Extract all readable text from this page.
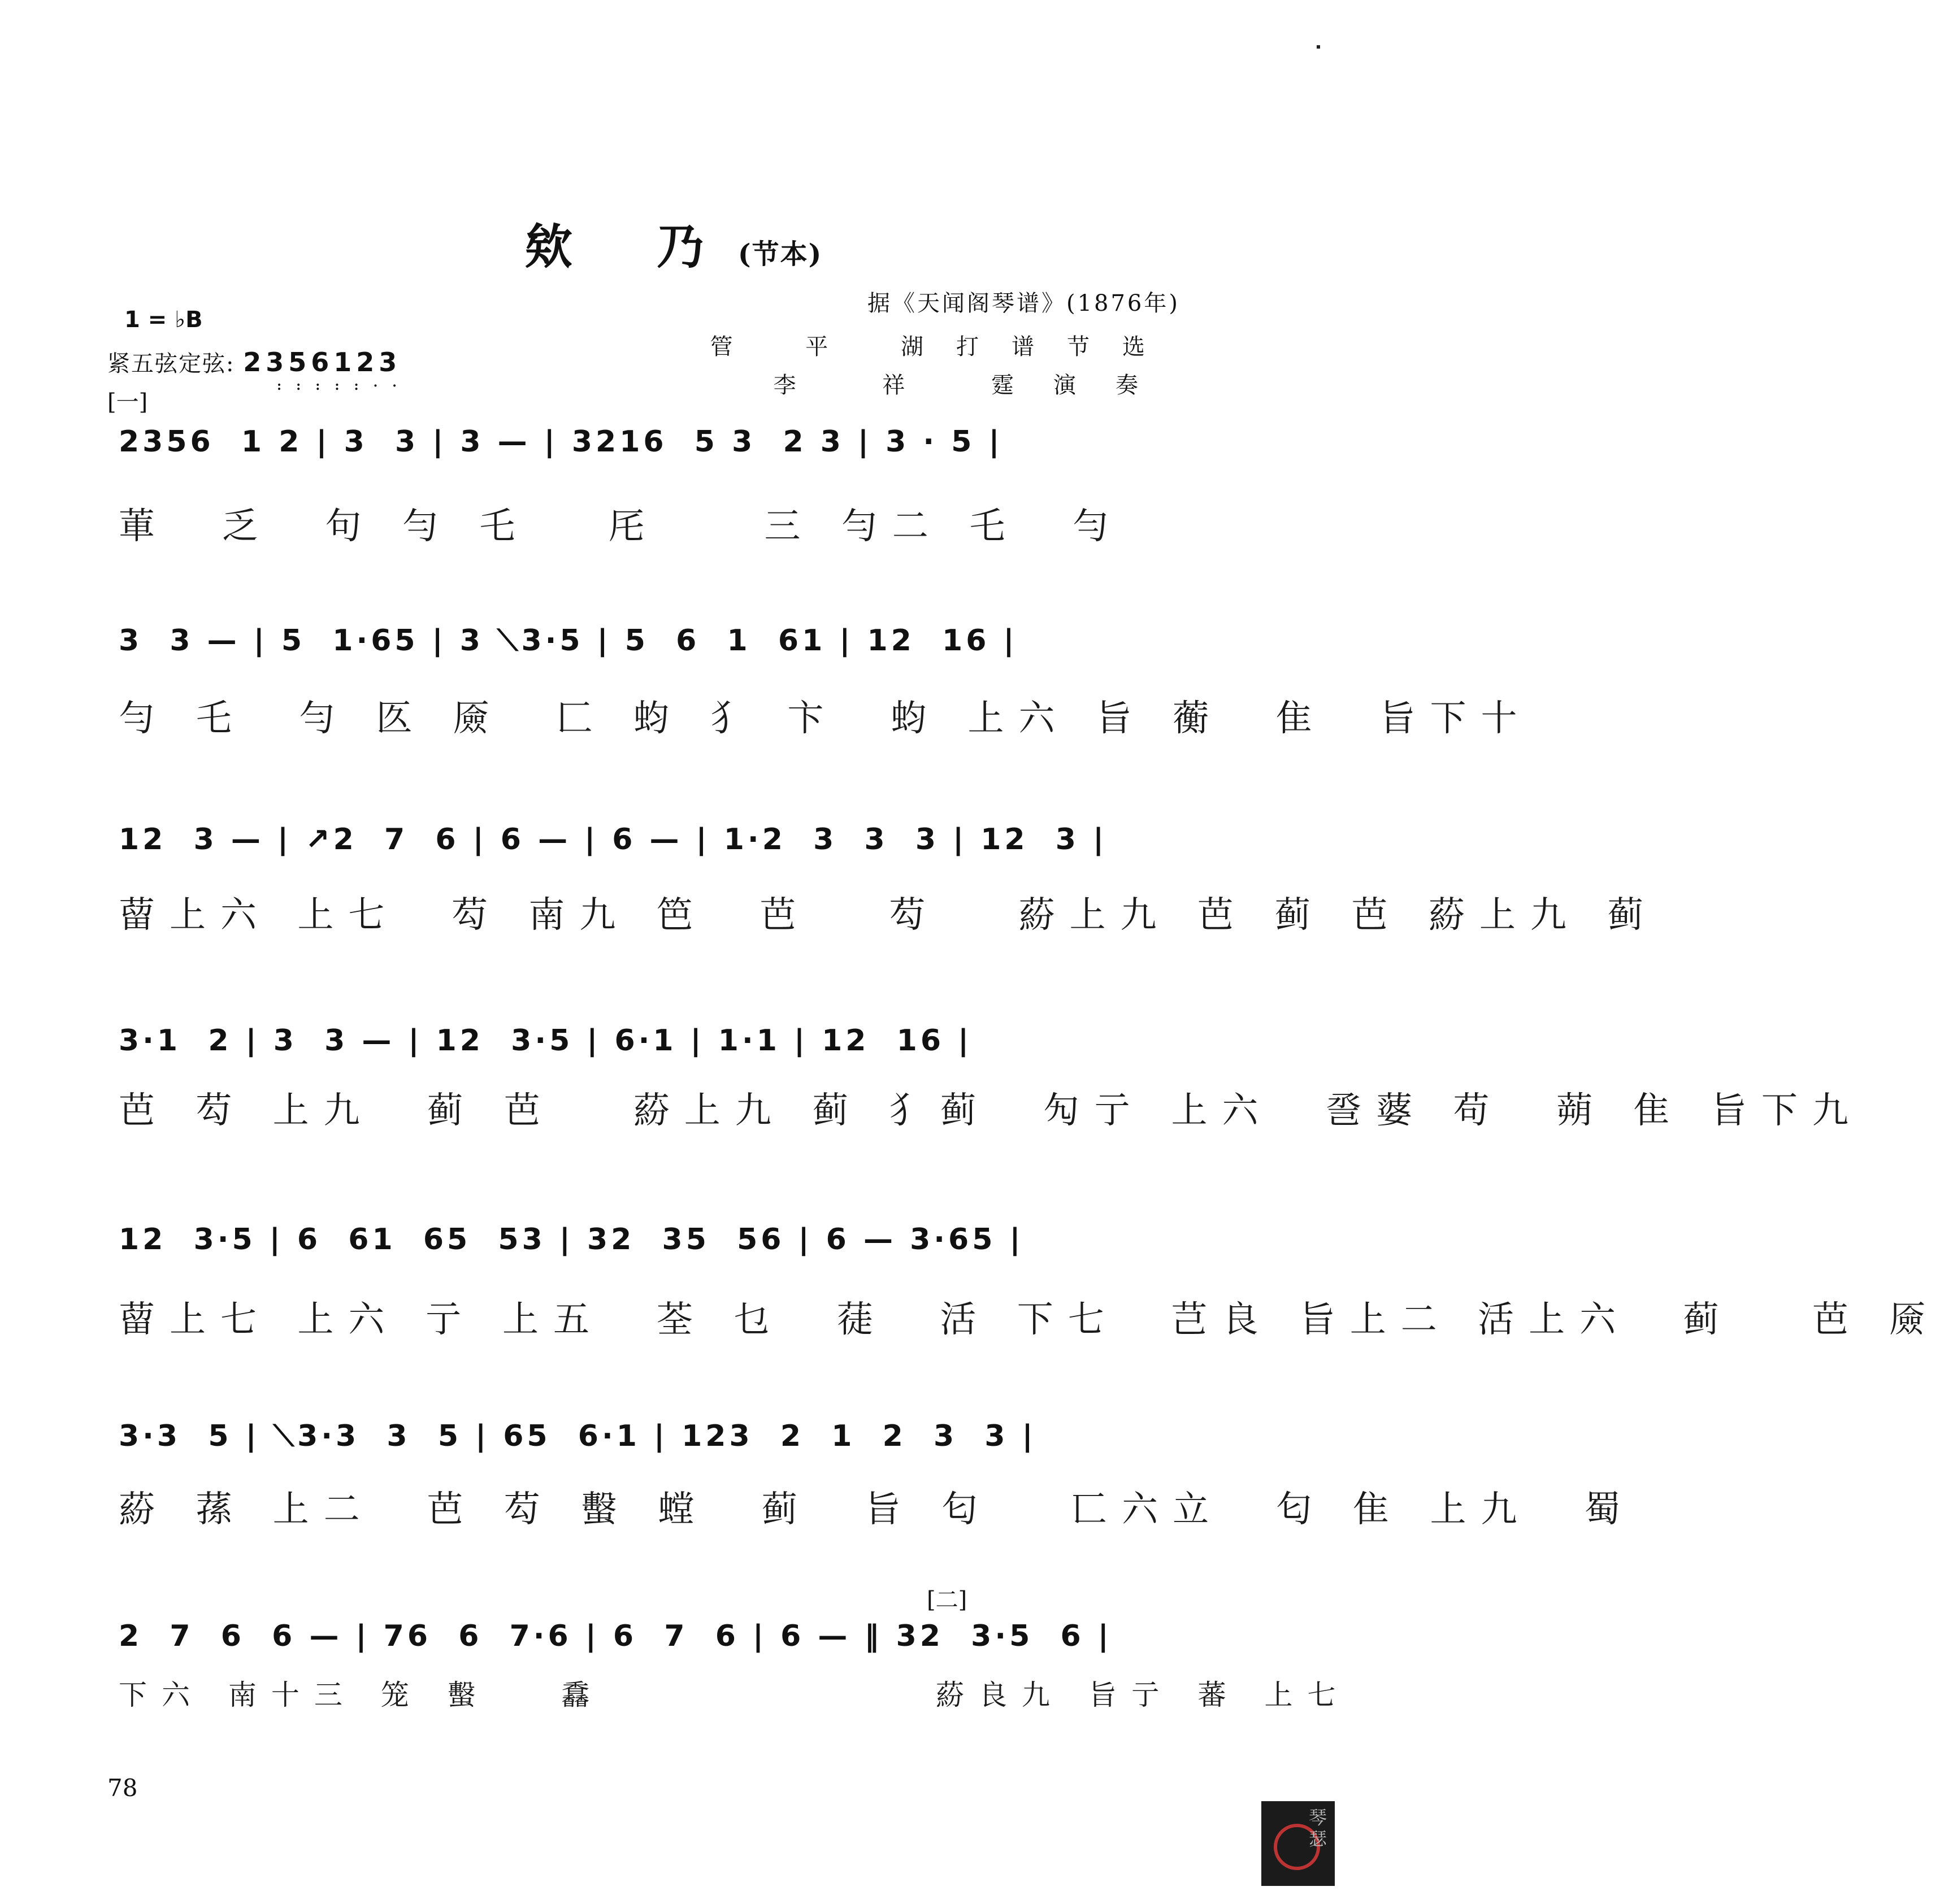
欸 乃(节本)
1 = ♭B
紧五弦定弦: 2356123
:::::··
[一]
据《天闻阁琴谱》(1876年)
管 平 湖打谱节选
李 祥 霆演奏
2356  1 2 | 3  3 | 3 — | 3216  5 3  2 3 | 3 · 5 |
莗  乏  句 勻 乇   厇    三 勻二 乇  勻
3  3 — | 5  1·65 | 3 ⟍3·5 | 5  6  1  61 | 12  16 |
勻 乇  勻 匛 厱  匚 蚐 犭 卞  蚐 上六 旨 蘅  隹  旨下十
12  3 — | ↗2  7  6 | 6 — | 6 — | 1·2  3  3  3 | 12  3 |
蒥上六 上七  芶 南九 笆  芭   芶   蒶上九 芭 蓟 芭 蒶上九 蓟
3·1  2 | 3  3 — | 12  3·5 | 6·1 | 1·1 | 12  16 |
芭 芶 上九  蓟 芭   蒶上九 蓟 犭蓟  勼亍 上六  巹蔢 苟  蒴 隹 旨下九
12  3·5 | 6  61  65  53 | 32  35  56 | 6 — 3·65 |
蒥上七 上六 亍 上五  荃 乜  蓗  活 下七  芑良 旨上二 活上六  蓟   芭 厱
3·3  5 | ⟍3·3  3  5 | 65  6·1 | 123  2  1  2  3  3 |
蒶 蓀 上二  芭 芶 蟿 螳  蓟  旨 匂   匸六立  匂 隹 上九  蜀
2  7  6  6 — | 76  6  7·6 | 6  7  6 | 6 — ‖ 32  3·5  6 |
下六 南十三 笼 蟿   馫              蒶良九 旨亍 蕃 上七
[二]
78
琴瑟
